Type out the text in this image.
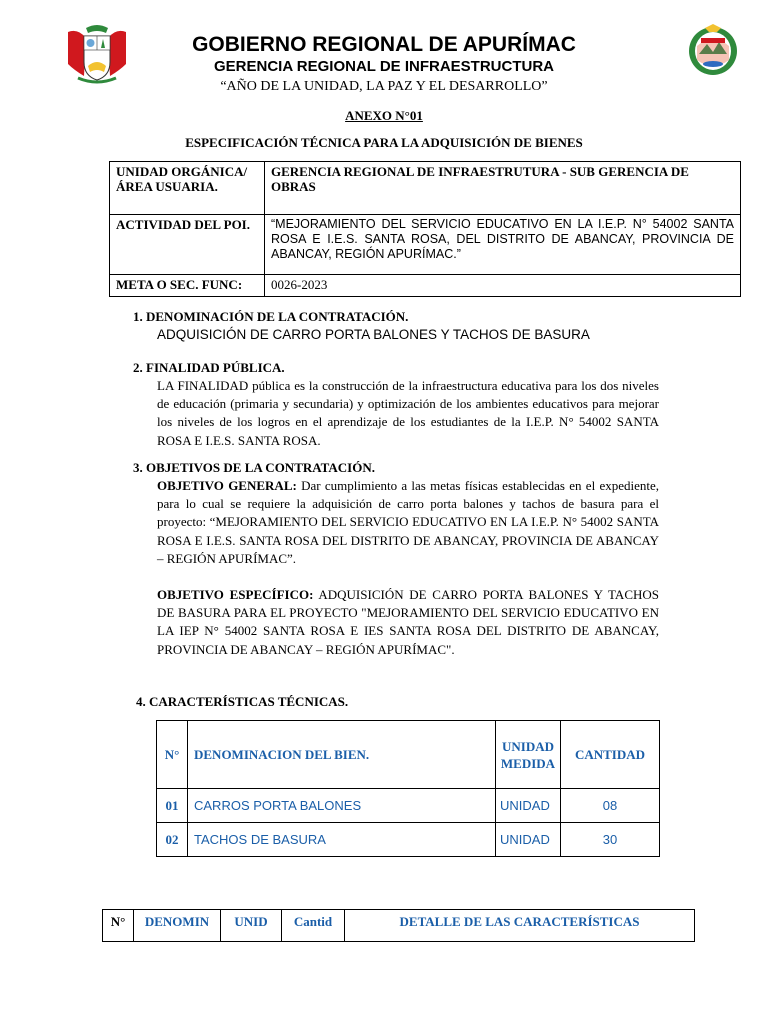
GOBIERNO REGIONAL DE APURÍMAC
GERENCIA REGIONAL DE INFRAESTRUCTURA
“AÑO DE LA UNIDAD, LA PAZ Y EL DESARROLLO”
ANEXO N°01
ESPECIFICACIÓN TÉCNICA PARA LA ADQUISICIÓN DE BIENES
UNIDAD ORGÁNICA/ÁREA USUARIA.	GERENCIA REGIONAL DE INFRAESTRUTURA - SUB GERENCIA DE OBRAS
ACTIVIDAD DEL POI.	“MEJORAMIENTO DEL SERVICIO EDUCATIVO EN LA I.E.P. N° 54002 SANTA ROSA E I.E.S. SANTA ROSA, DEL DISTRITO DE ABANCAY, PROVINCIA DE ABANCAY, REGIÓN APURÍMAC.”
META O SEC. FUNC:	0026-2023
1. DENOMINACIÓN DE LA CONTRATACIÓN.
ADQUISICIÓN DE CARRO PORTA BALONES Y TACHOS DE BASURA
2. FINALIDAD PÚBLICA.
LA FINALIDAD pública es la construcción de la infraestructura educativa para los dos niveles de educación (primaria y secundaria) y optimización de los ambientes educativos para mejorar los niveles de los logros en el aprendizaje de los estudiantes de la I.E.P. N° 54002 SANTA ROSA E I.E.S. SANTA ROSA.
3. OBJETIVOS DE LA CONTRATACIÓN.
OBJETIVO GENERAL: Dar cumplimiento a las metas físicas establecidas en el expediente, para lo cual se requiere la adquisición de carro porta balones y tachos de basura para el proyecto: “MEJORAMIENTO DEL SERVICIO EDUCATIVO EN LA I.E.P. N° 54002 SANTA ROSA E I.E.S. SANTA ROSA DEL DISTRITO DE ABANCAY, PROVINCIA DE ABANCAY – REGIÓN APURÍMAC”.
OBJETIVO ESPECÍFICO: ADQUISICIÓN DE CARRO PORTA BALONES Y TACHOS DE BASURA PARA EL PROYECTO "MEJORAMIENTO DEL SERVICIO EDUCATIVO EN LA IEP N° 54002 SANTA ROSA E IES SANTA ROSA DEL DISTRITO DE ABANCAY, PROVINCIA DE ABANCAY – REGIÓN APURÍMAC".
4. CARACTERÍSTICAS TÉCNICAS.
N°	DENOMINACION DEL BIEN.	UNIDAD MEDIDA	CANTIDAD
01	CARROS PORTA BALONES	UNIDAD	08
02	TACHOS DE BASURA	UNIDAD	30
N°	DENOMIN	UNID	Cantid	DETALLE DE LAS CARACTERÍSTICAS
